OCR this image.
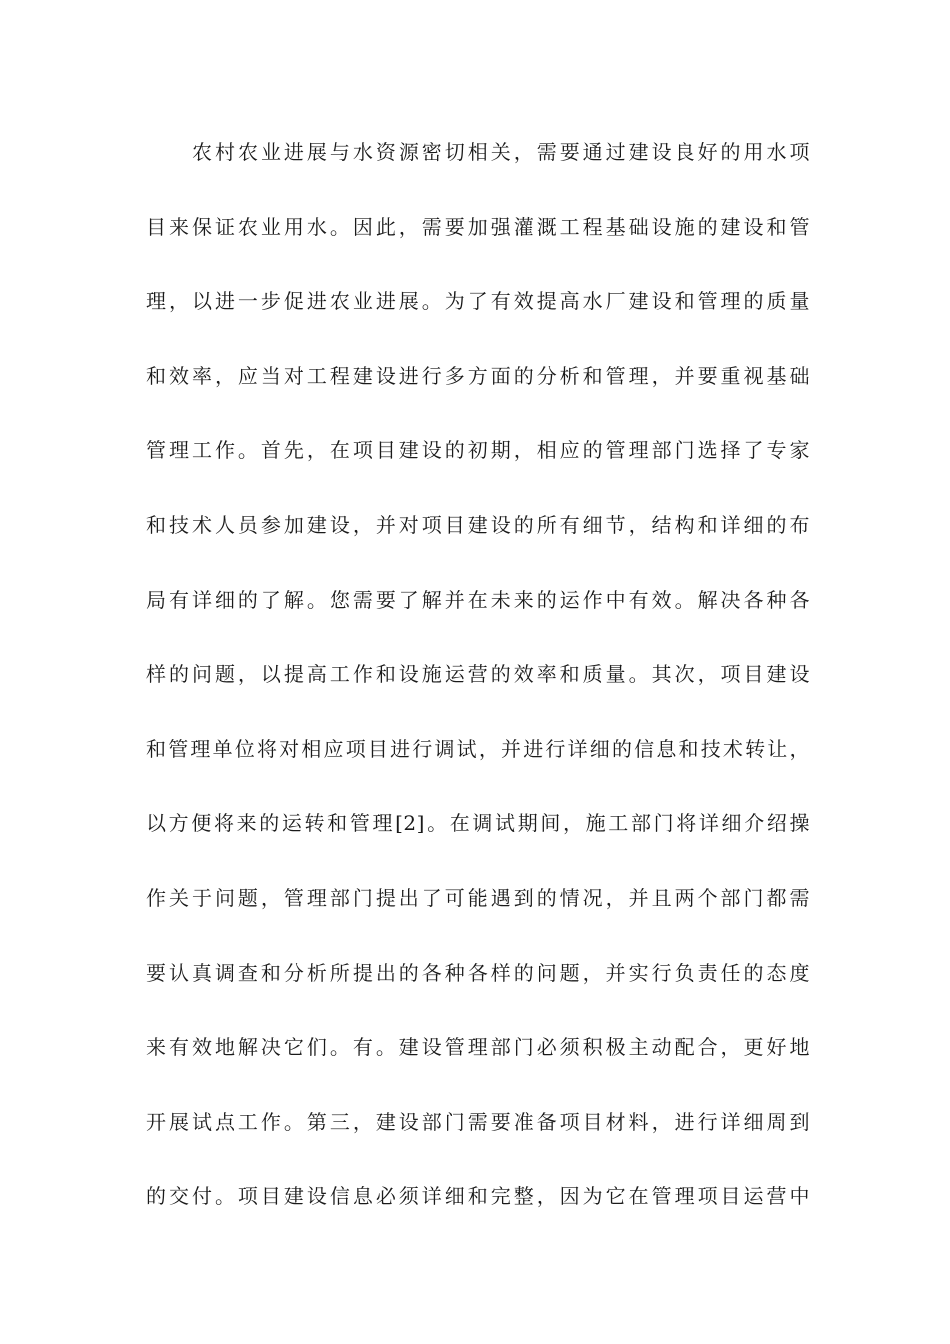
农村农业进展与水资源密切相关，需要通过建设良好的用水项
目来保证农业用水。因此，需要加强灌溉工程基础设施的建设和管
理，以进一步促进农业进展。为了有效提高水厂建设和管理的质量
和效率，应当对工程建设进行多方面的分析和管理，并要重视基础
管理工作。首先，在项目建设的初期，相应的管理部门选择了专家
和技术人员参加建设，并对项目建设的所有细节，结构和详细的布
局有详细的了解。您需要了解并在未来的运作中有效。解决各种各
样的问题，以提高工作和设施运营的效率和质量。其次，项目建设
和管理单位将对相应项目进行调试，并进行详细的信息和技术转让，
以方便将来的运转和管理[2]。在调试期间，施工部门将详细介绍操
作关于问题，管理部门提出了可能遇到的情况，并且两个部门都需
要认真调查和分析所提出的各种各样的问题，并实行负责任的态度
来有效地解决它们。有。建设管理部门必须积极主动配合，更好地
开展试点工作。第三，建设部门需要准备项目材料，进行详细周到
的交付。项目建设信息必须详细和完整，因为它在管理项目运营中
